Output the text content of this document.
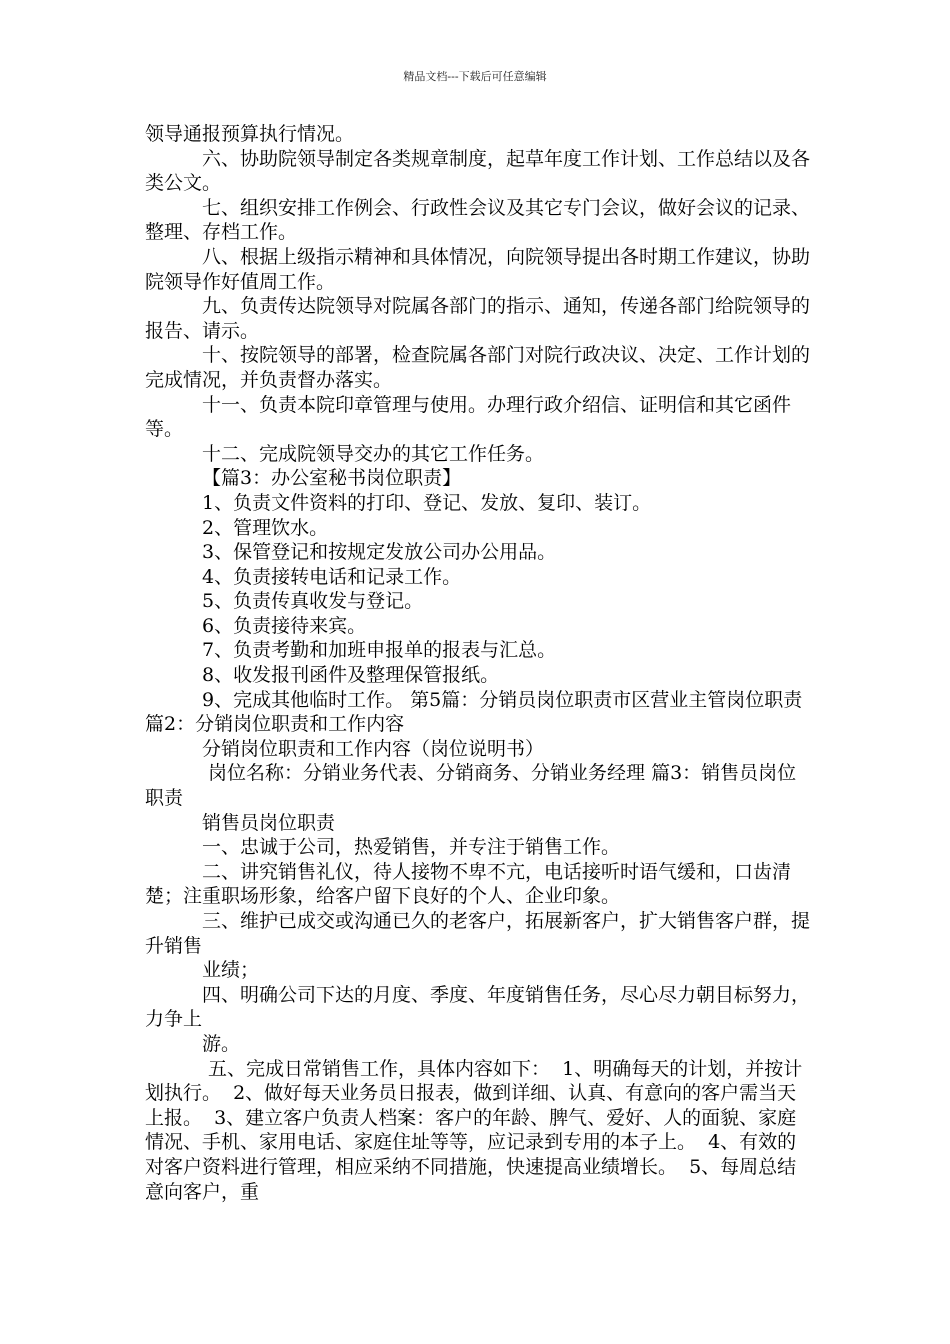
精品文档---下载后可任意编辑

领导通报预算执行情况。

六、协助院领导制定各类规章制度，起草年度工作计划、工作总结以及各类公文。

七、组织安排工作例会、行政性会议及其它专门会议，做好会议的记录、整理、存档工作。

八、根据上级指示精神和具体情况，向院领导提出各时期工作建议，协助院领导作好值周工作。

九、负责传达院领导对院属各部门的指示、通知，传递各部门给院领导的报告、请示。

十、按院领导的部署，检查院属各部门对院行政决议、决定、工作计划的完成情况，并负责督办落实。

十一、负责本院印章管理与使用。办理行政介绍信、证明信和其它函件等。

十二、完成院领导交办的其它工作任务。

【篇3：办公室秘书岗位职责】

1、负责文件资料的打印、登记、发放、复印、装订。

2、管理饮水。

3、保管登记和按规定发放公司办公用品。

4、负责接转电话和记录工作。

5、负责传真收发与登记。

6、负责接待来宾。

7、负责考勤和加班申报单的报表与汇总。

8、收发报刊函件及整理保管报纸。

9、完成其他临时工作。 第5篇：分销员岗位职责市区营业主管岗位职责 篇2：分销岗位职责和工作内容

分销岗位职责和工作内容（岗位说明书）

岗位名称：分销业务代表、分销商务、分销业务经理 篇3：销售员岗位职责

销售员岗位职责

一、忠诚于公司，热爱销售，并专注于销售工作。

二、讲究销售礼仪，待人接物不卑不亢，电话接听时语气缓和，口齿清楚；注重职场形象，给客户留下良好的个人、企业印象。

三、维护已成交或沟通已久的老客户，拓展新客户，扩大销售客户群，提升销售

业绩；

四、明确公司下达的月度、季度、年度销售任务，尽心尽力朝目标努力，力争上

游。

五、完成日常销售工作，具体内容如下：  1、明确每天的计划，并按计划执行。  2、做好每天业务员日报表，做到详细、认真、有意向的客户需当天上报。  3、建立客户负责人档案：客户的年龄、脾气、爱好、人的面貌、家庭情况、手机、家用电话、家庭住址等等，应记录到专用的本子上。  4、有效的对客户资料进行管理，相应采纳不同措施，快速提高业绩增长。  5、每周总结意向客户，重
